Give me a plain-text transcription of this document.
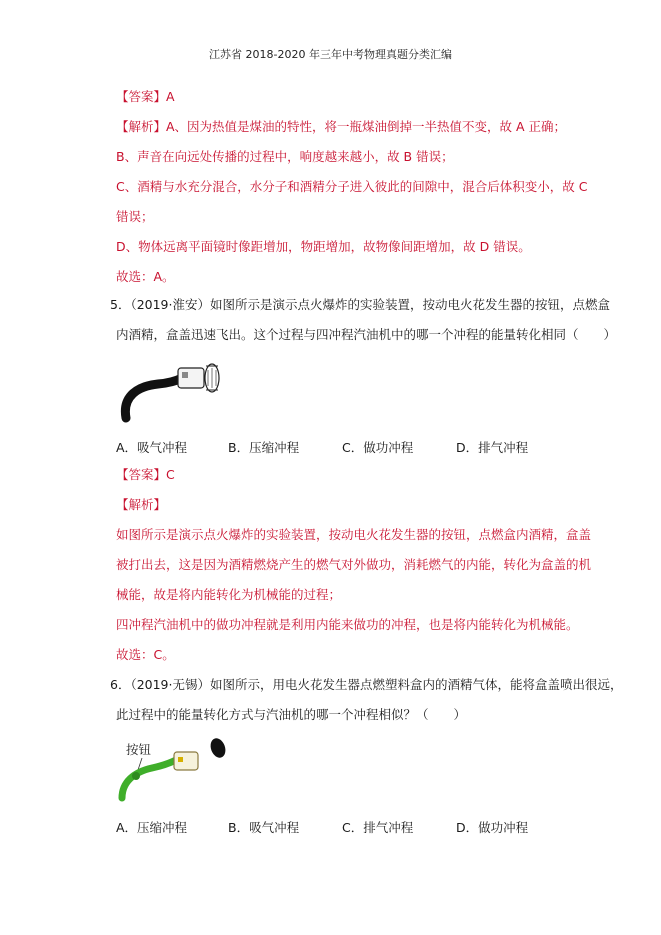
江苏省 2018-2020 年三年中考物理真题分类汇编
【答案】A
【解析】A、因为热值是煤油的特性，将一瓶煤油倒掉一半热值不变，故 A 正确；
B、声音在向远处传播的过程中，响度越来越小，故 B 错误；
C、酒精与水充分混合，水分子和酒精分子进入彼此的间隙中，混合后体积变小，故 C
错误；
D、物体远离平面镜时像距增加，物距增加，故物像间距增加，故 D 错误。
故选：A。
5．（2019·淮安）如图所示是演示点火爆炸的实验装置，按动电火花发生器的按钮，点燃盒
内酒精，盒盖迅速飞出。这个过程与四冲程汽油机中的哪一个冲程的能量转化相同（　　）
A．吸气冲程	B．压缩冲程	C．做功冲程	D．排气冲程
【答案】C
【解析】
如图所示是演示点火爆炸的实验装置，按动电火花发生器的按钮，点燃盒内酒精，盒盖
被打出去，这是因为酒精燃烧产生的燃气对外做功，消耗燃气的内能，转化为盒盖的机
械能，故是将内能转化为机械能的过程；
四冲程汽油机中的做功冲程就是利用内能来做功的冲程，也是将内能转化为机械能。
故选：C。
6．（2019·无锡）如图所示，用电火花发生器点燃塑料盒内的酒精气体，能将盒盖喷出很远，
此过程中的能量转化方式与汽油机的哪一个冲程相似？（　　）
按钮
A．压缩冲程	B．吸气冲程	C．排气冲程	D．做功冲程
